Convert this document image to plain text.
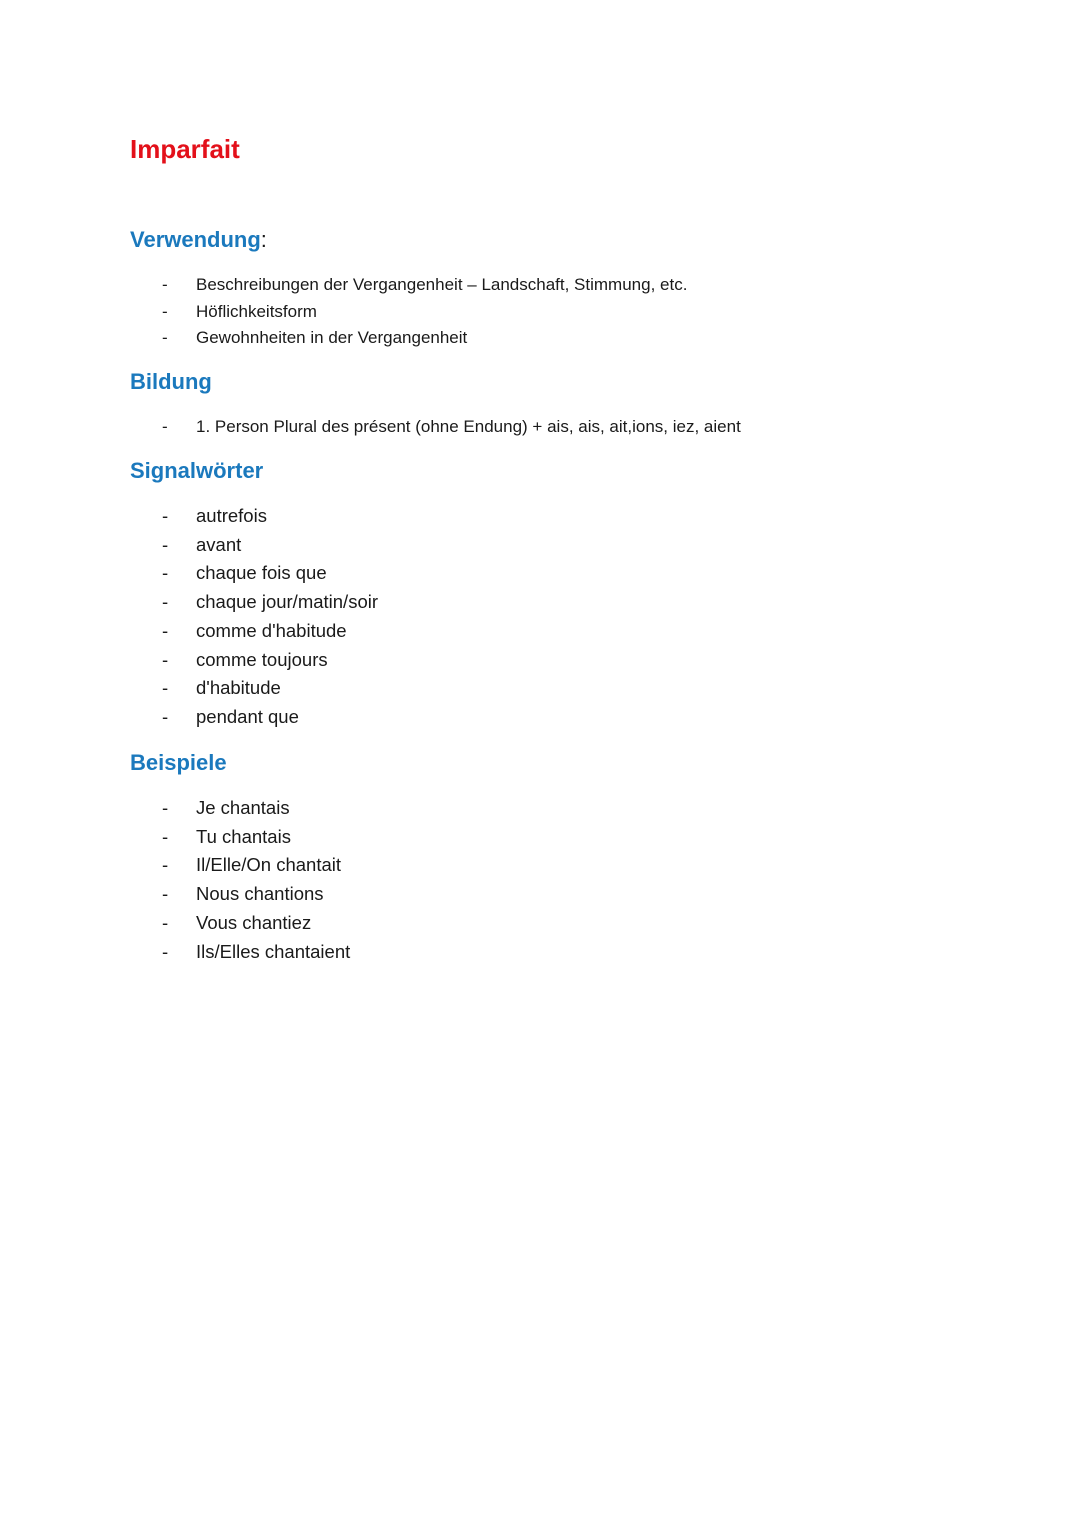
Imparfait
Verwendung:
- Beschreibungen der Vergangenheit – Landschaft, Stimmung, etc.
- Höflichkeitsform
- Gewohnheiten in der Vergangenheit
Bildung
- 1. Person Plural des présent (ohne Endung) + ais, ais, ait,ions, iez, aient
Signalwörter
- autrefois
- avant
- chaque fois que
- chaque jour/matin/soir
- comme d'habitude
- comme toujours
- d'habitude
- pendant que
Beispiele
- Je chantais
- Tu chantais
- Il/Elle/On chantait
- Nous chantions
- Vous chantiez
- Ils/Elles chantaient
